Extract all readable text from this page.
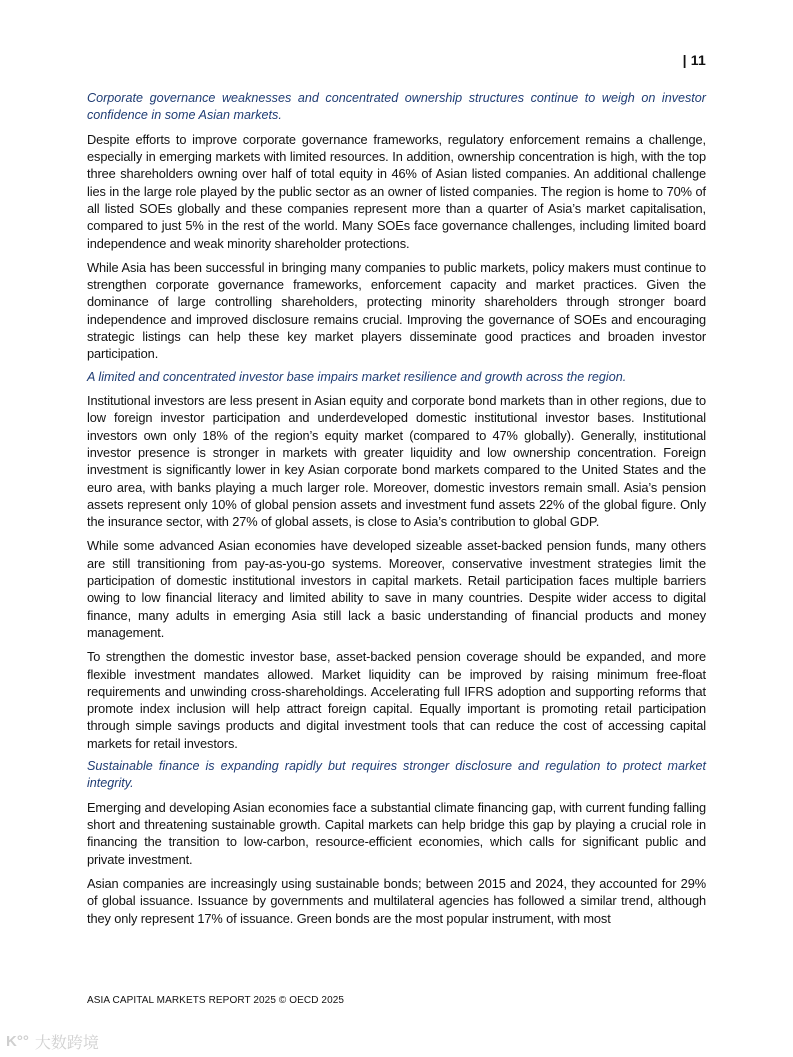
| 11

Corporate governance weaknesses and concentrated ownership structures continue to weigh on investor confidence in some Asian markets.

Despite efforts to improve corporate governance frameworks, regulatory enforcement remains a challenge, especially in emerging markets with limited resources. In addition, ownership concentration is high, with the top three shareholders owning over half of total equity in 46% of Asian listed companies. An additional challenge lies in the large role played by the public sector as an owner of listed companies. The region is home to 70% of all listed SOEs globally and these companies represent more than a quarter of Asia’s market capitalisation, compared to just 5% in the rest of the world. Many SOEs face governance challenges, including limited board independence and weak minority shareholder protections.

While Asia has been successful in bringing many companies to public markets, policy makers must continue to strengthen corporate governance frameworks, enforcement capacity and market practices. Given the dominance of large controlling shareholders, protecting minority shareholders through stronger board independence and improved disclosure remains crucial. Improving the governance of SOEs and encouraging strategic listings can help these key market players disseminate good practices and broaden investor participation.

A limited and concentrated investor base impairs market resilience and growth across the region.

Institutional investors are less present in Asian equity and corporate bond markets than in other regions, due to low foreign investor participation and underdeveloped domestic institutional investor bases. Institutional investors own only 18% of the region’s equity market (compared to 47% globally). Generally, institutional investor presence is stronger in markets with greater liquidity and low ownership concentration. Foreign investment is significantly lower in key Asian corporate bond markets compared to the United States and the euro area, with banks playing a much larger role. Moreover, domestic investors remain small. Asia’s pension assets represent only 10% of global pension assets and investment fund assets 22% of the global figure. Only the insurance sector, with 27% of global assets, is close to Asia’s contribution to global GDP.

While some advanced Asian economies have developed sizeable asset-backed pension funds, many others are still transitioning from pay-as-you-go systems. Moreover, conservative investment strategies limit the participation of domestic institutional investors in capital markets. Retail participation faces multiple barriers owing to low financial literacy and limited ability to save in many countries. Despite wider access to digital finance, many adults in emerging Asia still lack a basic understanding of financial products and money management.

To strengthen the domestic investor base, asset-backed pension coverage should be expanded, and more flexible investment mandates allowed. Market liquidity can be improved by raising minimum free-float requirements and unwinding cross-shareholdings. Accelerating full IFRS adoption and supporting reforms that promote index inclusion will help attract foreign capital. Equally important is promoting retail participation through simple savings products and digital investment tools that can reduce the cost of accessing capital markets for retail investors.

Sustainable finance is expanding rapidly but requires stronger disclosure and regulation to protect market integrity.

Emerging and developing Asian economies face a substantial climate financing gap, with current funding falling short and threatening sustainable growth. Capital markets can help bridge this gap by playing a crucial role in financing the transition to low-carbon, resource-efficient economies, which calls for significant public and private investment.

Asian companies are increasingly using sustainable bonds; between 2015 and 2024, they accounted for 29% of global issuance. Issuance by governments and multilateral agencies has followed a similar trend, although they only represent 17% of issuance. Green bonds are the most popular instrument, with most

ASIA CAPITAL MARKETS REPORT 2025 © OECD 2025
K°° 大数跨境
